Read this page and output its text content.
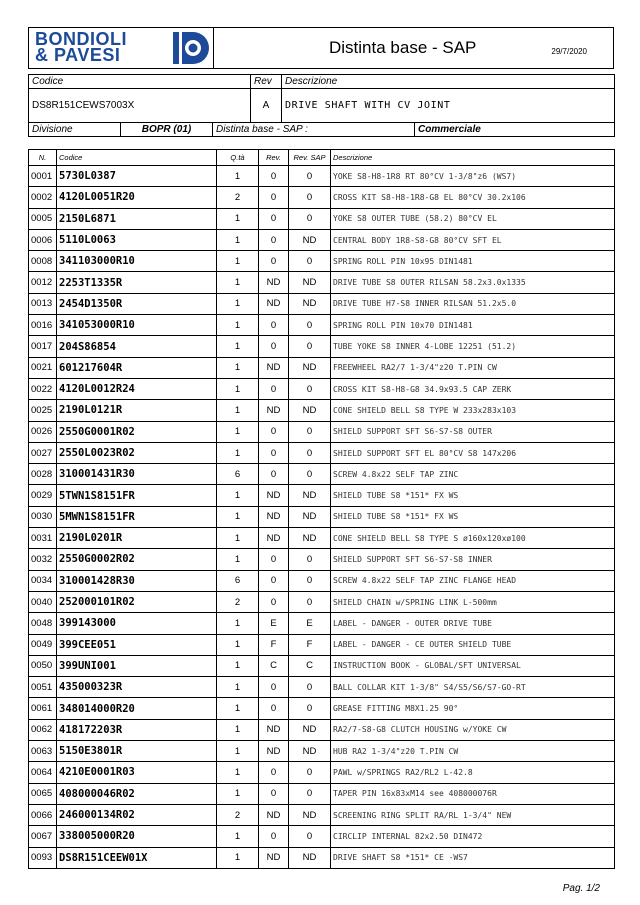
BONDIOLI
& PAVESI	Distinta base - SAP	29/7/2020
Codice	Rev	Descrizione
DS8R151CEWS7003X	A	DRIVE SHAFT WITH CV JOINT
Divisione	BOPR (01)	Distinta base - SAP :	Commerciale
N.	Codice	Q.tà	Rev.	Rev. SAP	Descrizione
0001	5730L0387	1	0	0	YOKE S8-H8-1R8 RT 80°CV 1-3/8"z6 (WS7)
0002	4120L0051R20	2	0	0	CROSS KIT S8-H8-1R8-G8 EL 80°CV 30.2x106
0005	2150L6871	1	0	0	YOKE S8 OUTER TUBE (58.2) 80°CV EL
0006	5110L0063	1	0	ND	CENTRAL BODY 1R8-S8-G8 80°CV SFT EL
0008	341103000R10	1	0	0	SPRING ROLL PIN 10x95 DIN1481
0012	2253T1335R	1	ND	ND	DRIVE TUBE S8 OUTER RILSAN 58.2x3.0x1335
0013	2454D1350R	1	ND	ND	DRIVE TUBE H7-S8 INNER RILSAN 51.2x5.0
0016	341053000R10	1	0	0	SPRING ROLL PIN 10x70 DIN1481
0017	204S86854	1	0	0	TUBE YOKE S8 INNER 4-LOBE 12251 (51.2)
0021	601217604R	1	ND	ND	FREEWHEEL RA2/7 1-3/4"z20 T.PIN CW
0022	4120L0012R24	1	0	0	CROSS KIT S8-H8-G8 34.9x93.5 CAP ZERK
0025	2190L0121R	1	ND	ND	CONE SHIELD BELL S8 TYPE W 233x283x103
0026	2550G0001R02	1	0	0	SHIELD SUPPORT SFT S6-S7-S8 OUTER
0027	2550L0023R02	1	0	0	SHIELD SUPPORT SFT EL 80°CV S8 147x206
0028	310001431R30	6	0	0	SCREW 4.8x22 SELF TAP ZINC
0029	5TWN1S8151FR	1	ND	ND	SHIELD TUBE S8 *151* FX WS
0030	5MWN1S8151FR	1	ND	ND	SHIELD TUBE S8 *151* FX WS
0031	2190L0201R	1	ND	ND	CONE SHIELD BELL S8 TYPE S ø160x120xø100
0032	2550G0002R02	1	0	0	SHIELD SUPPORT SFT S6-S7-S8 INNER
0034	310001428R30	6	0	0	SCREW 4.8x22 SELF TAP ZINC FLANGE HEAD
0040	252000101R02	2	0	0	SHIELD CHAIN w/SPRING LINK L-500mm
0048	399143000	1	E	E	LABEL - DANGER - OUTER DRIVE TUBE
0049	399CEE051	1	F	F	LABEL - DANGER - CE OUTER SHIELD TUBE
0050	399UNI001	1	C	C	INSTRUCTION BOOK - GLOBAL/SFT UNIVERSAL
0051	435000323R	1	0	0	BALL COLLAR KIT 1-3/8" S4/S5/S6/S7-GO-RT
0061	348014000R20	1	0	0	GREASE FITTING M8X1.25 90°
0062	418172203R	1	ND	ND	RA2/7-S8-G8 CLUTCH HOUSING w/YOKE CW
0063	5150E3801R	1	ND	ND	HUB RA2 1-3/4"z20 T.PIN CW
0064	4210E0001R03	1	0	0	PAWL w/SPRINGS RA2/RL2 L-42.8
0065	408000046R02	1	0	0	TAPER PIN 16x83xM14 see 408000076R
0066	246000134R02	2	ND	ND	SCREENING RING SPLIT RA/RL 1-3/4" NEW
0067	338005000R20	1	0	0	CIRCLIP INTERNAL 82x2.50 DIN472
0093	DS8R151CEEW01X	1	ND	ND	DRIVE SHAFT S8 *151* CE -WS7
Pag. 1/2
